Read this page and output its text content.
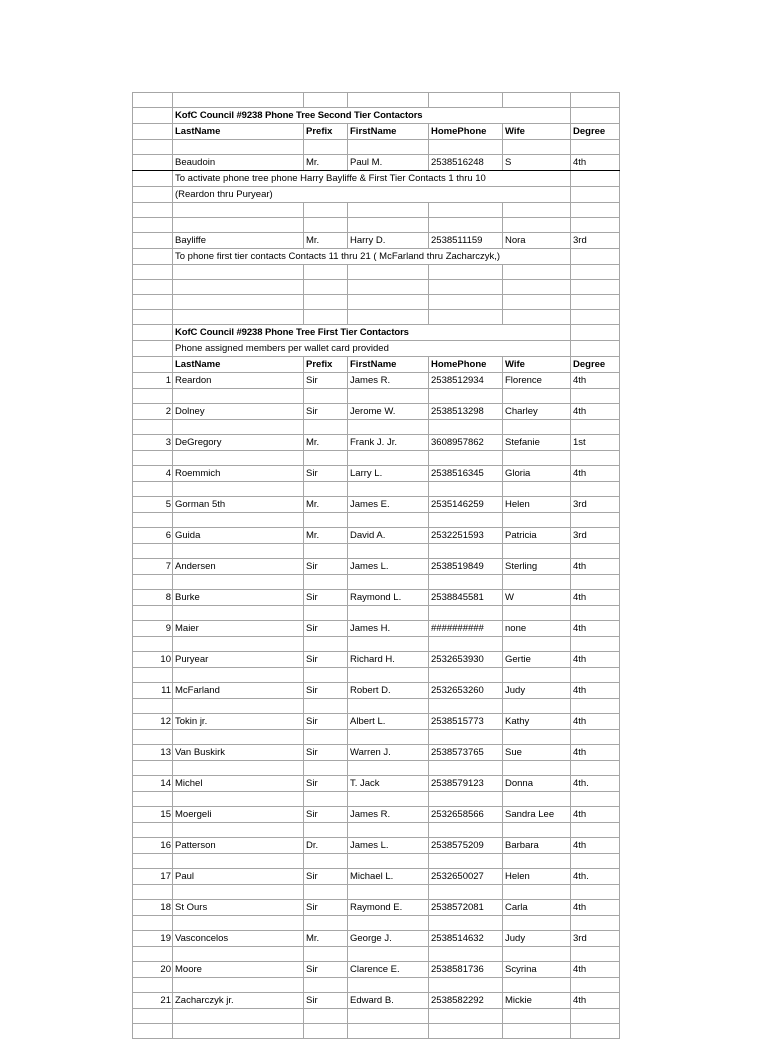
	KofC Council #9238 Phone Tree Second Tier Contactors					
	LastName	Prefix	FirstName	HomePhone	Wife	Degree

	Beaudoin	Mr.	Paul M.	2538516248	S	4th
	To activate phone tree phone Harry Bayliffe & First Tier Contacts 1 thru 10					
	(Reardon thru Puryear)					

	Bayliffe	Mr.	Harry D.	2538511159	Nora	3rd
	To phone first tier contacts Contacts 11 thru 21 ( McFarland thru Zacharczyk,)					

	KofC Council #9238 Phone Tree First Tier Contactors					
	Phone assigned members per wallet card provided					
	LastName	Prefix	FirstName	HomePhone	Wife	Degree
1	Reardon	Sir	James R.	2538512934	Florence	4th

2	Dolney	Sir	Jerome W.	2538513298	Charley	4th

3	DeGregory	Mr.	Frank J. Jr.	3608957862	Stefanie	1st

4	Roemmich	Sir	Larry L.	2538516345	Gloria	4th

5	Gorman 5th	Mr.	James E.	2535146259	Helen	3rd

6	Guida	Mr.	David A.	2532251593	Patricia	3rd

7	Andersen	Sir	James L.	2538519849	Sterling	4th

8	Burke	Sir	Raymond L.	2538845581	W	4th

9	Maier	Sir	James H.	##########	none	4th

10	Puryear	Sir	Richard H.	2532653930	Gertie	4th

11	McFarland	Sir	Robert D.	2532653260	Judy	4th

12	Tokin jr.	Sir	Albert L.	2538515773	Kathy	4th

13	Van Buskirk	Sir	Warren J.	2538573765	Sue	4th

14	Michel	Sir	T. Jack	2538579123	Donna	4th.

15	Moergeli	Sir	James R.	2532658566	Sandra Lee	4th

16	Patterson	Dr.	James L.	2538575209	Barbara	4th

17	Paul	Sir	Michael L.	2532650027	Helen	4th.

18	St Ours	Sir	Raymond E.	2538572081	Carla	4th

19	Vasconcelos	Mr.	George J.	2538514632	Judy	3rd

20	Moore	Sir	Clarence E.	2538581736	Scyrina	4th

21	Zacharczyk jr.	Sir	Edward B.	2538582292	Mickie	4th
